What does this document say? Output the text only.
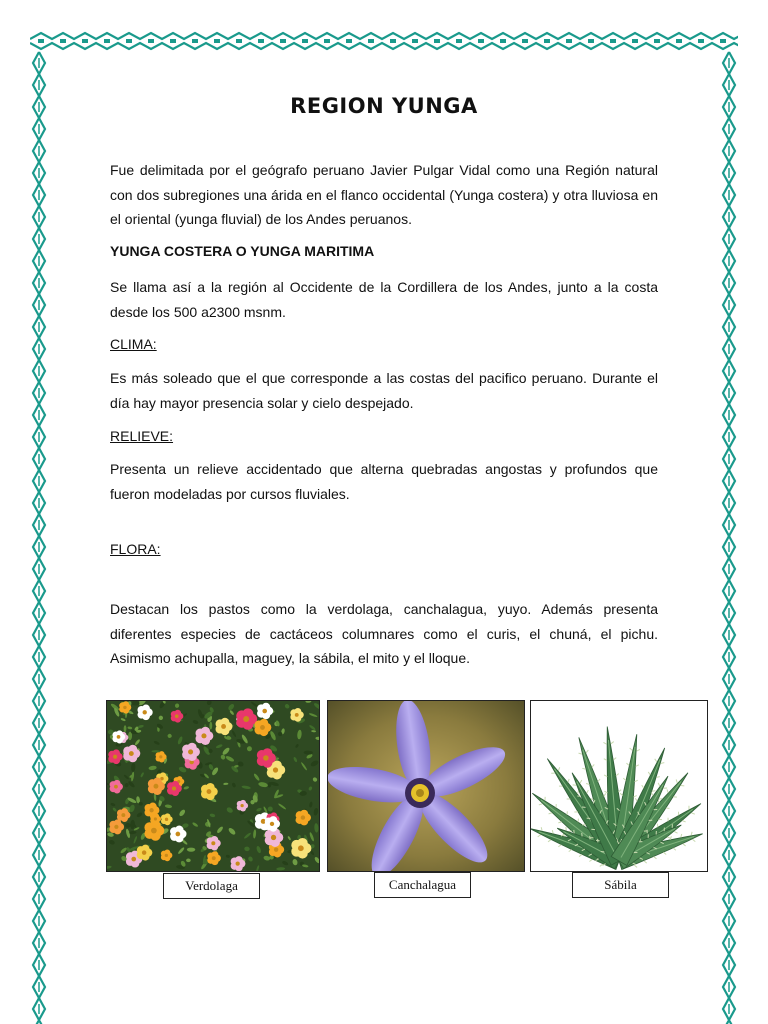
REGION YUNGA
Fue delimitada por el geógrafo peruano Javier Pulgar Vidal como una Región natural con dos subregiones una árida en el flanco occidental (Yunga costera) y otra lluviosa en el oriental (yunga fluvial) de los Andes peruanos.
YUNGA COSTERA O YUNGA MARITIMA
Se llama así a la región al Occidente de la Cordillera de los Andes, junto a la costa desde los 500 a2300 msnm.
CLIMA:
Es más soleado que el que corresponde a las costas del pacifico peruano. Durante el día hay mayor presencia solar y cielo despejado.
RELIEVE:
Presenta un relieve accidentado que alterna quebradas angostas y profundos que fueron modeladas por cursos fluviales.
FLORA:
Destacan los pastos como la verdolaga, canchalagua, yuyo. Además presenta diferentes especies de cactáceos columnares como el curis, el chuná, el pichu. Asimismo achupalla, maguey, la sábila, el mito y el lloque.
Verdolaga	Canchalagua	Sábila
